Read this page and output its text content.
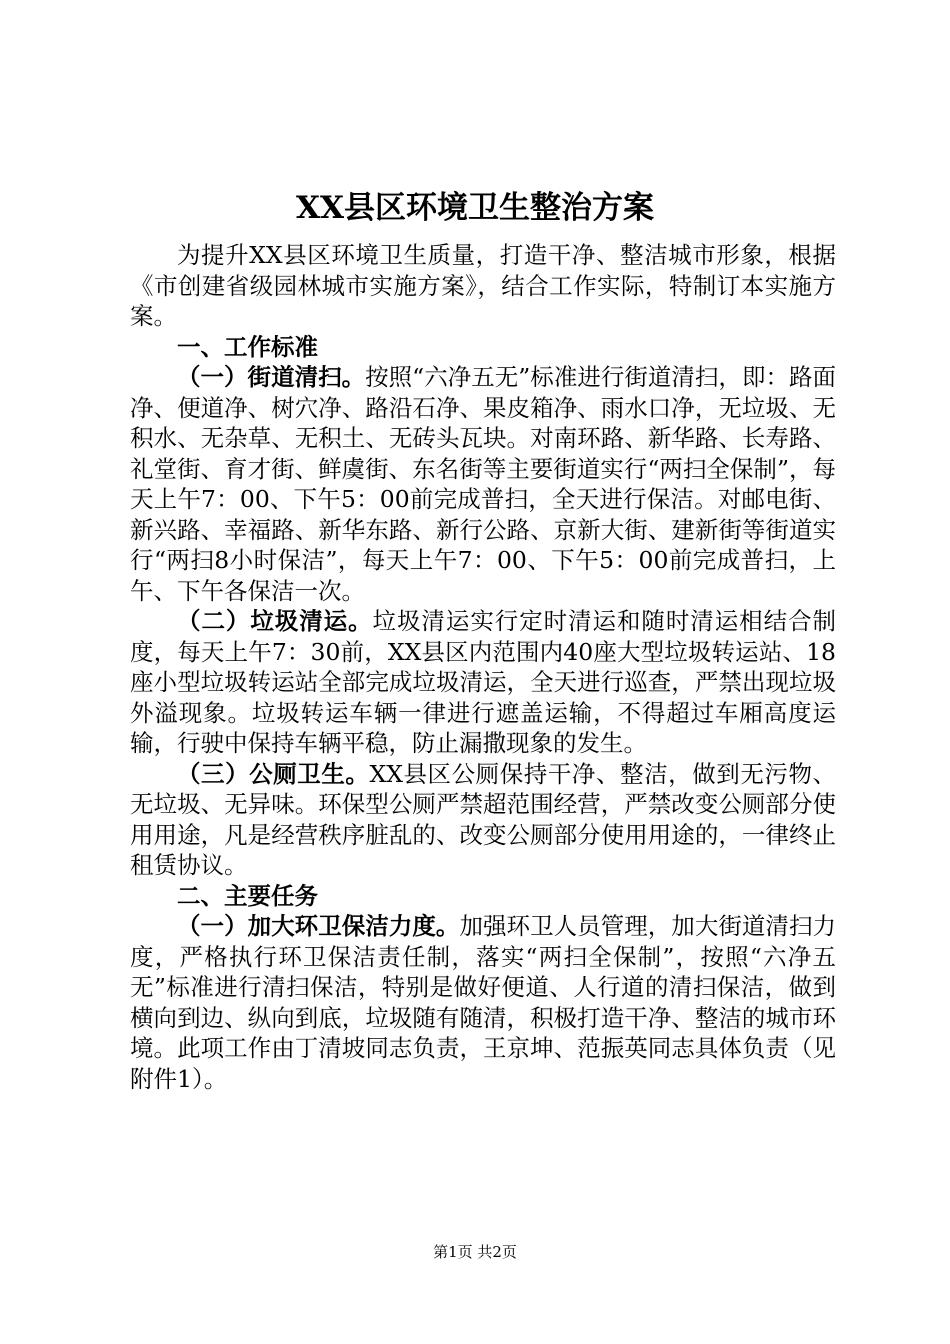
XX县区环境卫生整治方案

为提升XX县区环境卫生质量，打造干净、整洁城市形象，根据《市创建省级园林城市实施方案》，结合工作实际，特制订本实施方案。

一、工作标准

（一）街道清扫。按照“六净五无”标准进行街道清扫，即：路面净、便道净、树穴净、路沿石净、果皮箱净、雨水口净，无垃圾、无积水、无杂草、无积土、无砖头瓦块。对南环路、新华路、长寿路、礼堂街、育才街、鲜虞街、东名街等主要街道实行“两扫全保制”，每天上午7：00、下午5：00前完成普扫，全天进行保洁。对邮电街、新兴路、幸福路、新华东路、新行公路、京新大街、建新街等街道实行“两扫8小时保洁”，每天上午7：00、下午5：00前完成普扫，上午、下午各保洁一次。

（二）垃圾清运。垃圾清运实行定时清运和随时清运相结合制度，每天上午7：30前，XX县区内范围内40座大型垃圾转运站、18座小型垃圾转运站全部完成垃圾清运，全天进行巡查，严禁出现垃圾外溢现象。垃圾转运车辆一律进行遮盖运输，不得超过车厢高度运输，行驶中保持车辆平稳，防止漏撒现象的发生。

（三）公厕卫生。XX县区公厕保持干净、整洁，做到无污物、无垃圾、无异味。环保型公厕严禁超范围经营，严禁改变公厕部分使用用途，凡是经营秩序脏乱的、改变公厕部分使用用途的，一律终止租赁协议。

二、主要任务

（一）加大环卫保洁力度。加强环卫人员管理，加大街道清扫力度，严格执行环卫保洁责任制，落实“两扫全保制”，按照“六净五无”标准进行清扫保洁，特别是做好便道、人行道的清扫保洁，做到横向到边、纵向到底，垃圾随有随清，积极打造干净、整洁的城市环境。此项工作由丁清坡同志负责，王京坤、范振英同志具体负责（见附件1）。

第1页 共2页
